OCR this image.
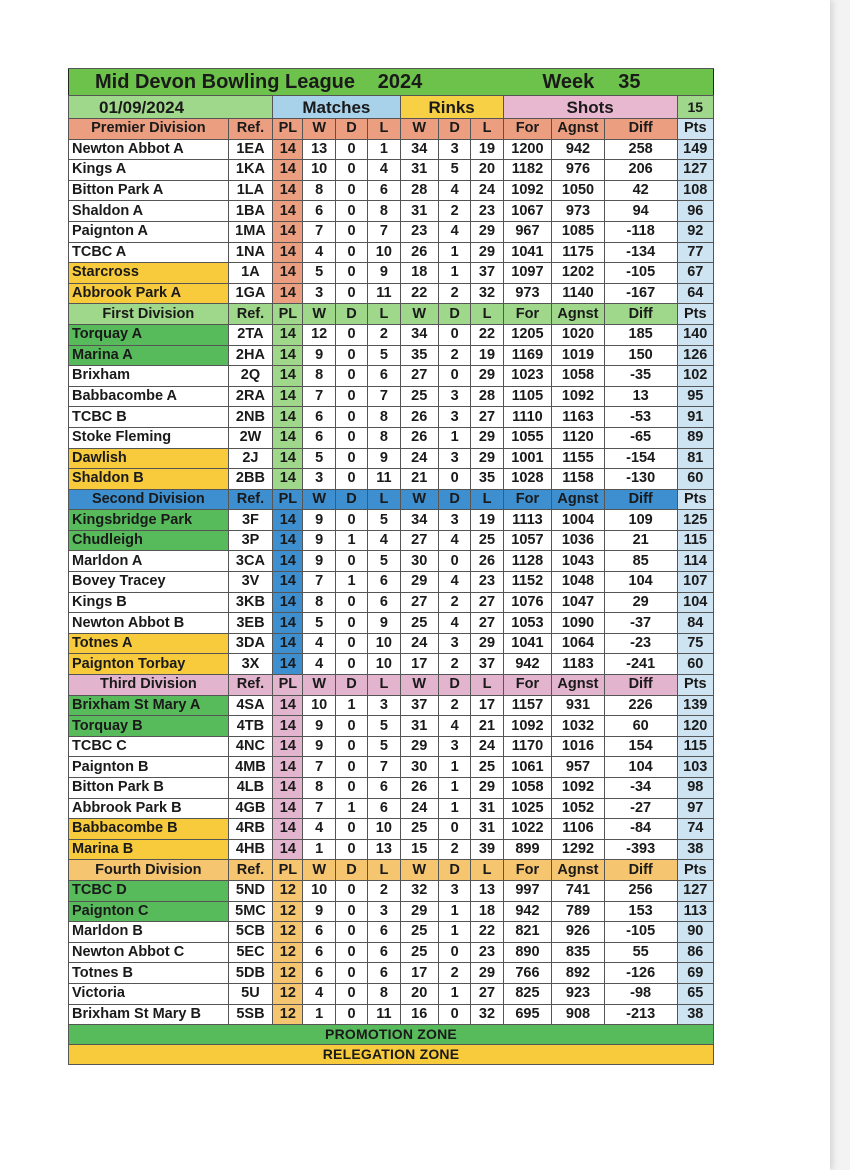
Mid Devon Bowling League					2024			Week			35	
01/09/2024		Matches				Rinks			Shots			15
Premier Division	Ref.	PL	W	D	L	W	D	L	For	Agnst	Diff	Pts
Newton Abbot A	1EA	14	13	0	1	34	3	19	1200	942	258	149
Kings A	1KA	14	10	0	4	31	5	20	1182	976	206	127
Bitton Park A	1LA	14	8	0	6	28	4	24	1092	1050	42	108
Shaldon A	1BA	14	6	0	8	31	2	23	1067	973	94	96
Paignton A	1MA	14	7	0	7	23	4	29	967	1085	-118	92
TCBC A	1NA	14	4	0	10	26	1	29	1041	1175	-134	77
Starcross	1A	14	5	0	9	18	1	37	1097	1202	-105	67
Abbrook Park A	1GA	14	3	0	11	22	2	32	973	1140	-167	64
First Division	Ref.	PL	W	D	L	W	D	L	For	Agnst	Diff	Pts
Torquay A	2TA	14	12	0	2	34	0	22	1205	1020	185	140
Marina A	2HA	14	9	0	5	35	2	19	1169	1019	150	126
Brixham	2Q	14	8	0	6	27	0	29	1023	1058	-35	102
Babbacombe A	2RA	14	7	0	7	25	3	28	1105	1092	13	95
TCBC B	2NB	14	6	0	8	26	3	27	1110	1163	-53	91
Stoke Fleming	2W	14	6	0	8	26	1	29	1055	1120	-65	89
Dawlish	2J	14	5	0	9	24	3	29	1001	1155	-154	81
Shaldon B	2BB	14	3	0	11	21	0	35	1028	1158	-130	60
Second Division	Ref.	PL	W	D	L	W	D	L	For	Agnst	Diff	Pts
Kingsbridge Park	3F	14	9	0	5	34	3	19	1113	1004	109	125
Chudleigh	3P	14	9	1	4	27	4	25	1057	1036	21	115
Marldon A	3CA	14	9	0	5	30	0	26	1128	1043	85	114
Bovey Tracey	3V	14	7	1	6	29	4	23	1152	1048	104	107
Kings B	3KB	14	8	0	6	27	2	27	1076	1047	29	104
Newton Abbot B	3EB	14	5	0	9	25	4	27	1053	1090	-37	84
Totnes A	3DA	14	4	0	10	24	3	29	1041	1064	-23	75
Paignton Torbay	3X	14	4	0	10	17	2	37	942	1183	-241	60
Third Division	Ref.	PL	W	D	L	W	D	L	For	Agnst	Diff	Pts
Brixham St Mary A	4SA	14	10	1	3	37	2	17	1157	931	226	139
Torquay B	4TB	14	9	0	5	31	4	21	1092	1032	60	120
TCBC C	4NC	14	9	0	5	29	3	24	1170	1016	154	115
Paignton B	4MB	14	7	0	7	30	1	25	1061	957	104	103
Bitton Park B	4LB	14	8	0	6	26	1	29	1058	1092	-34	98
Abbrook Park B	4GB	14	7	1	6	24	1	31	1025	1052	-27	97
Babbacombe B	4RB	14	4	0	10	25	0	31	1022	1106	-84	74
Marina B	4HB	14	1	0	13	15	2	39	899	1292	-393	38
Fourth Division	Ref.	PL	W	D	L	W	D	L	For	Agnst	Diff	Pts
TCBC D	5ND	12	10	0	2	32	3	13	997	741	256	127
Paignton C	5MC	12	9	0	3	29	1	18	942	789	153	113
Marldon B	5CB	12	6	0	6	25	1	22	821	926	-105	90
Newton Abbot C	5EC	12	6	0	6	25	0	23	890	835	55	86
Totnes B	5DB	12	6	0	6	17	2	29	766	892	-126	69
Victoria	5U	12	4	0	8	20	1	27	825	923	-98	65
Brixham St Mary B	5SB	12	1	0	11	16	0	32	695	908	-213	38
PROMOTION ZONE												
RELEGATION ZONE												
